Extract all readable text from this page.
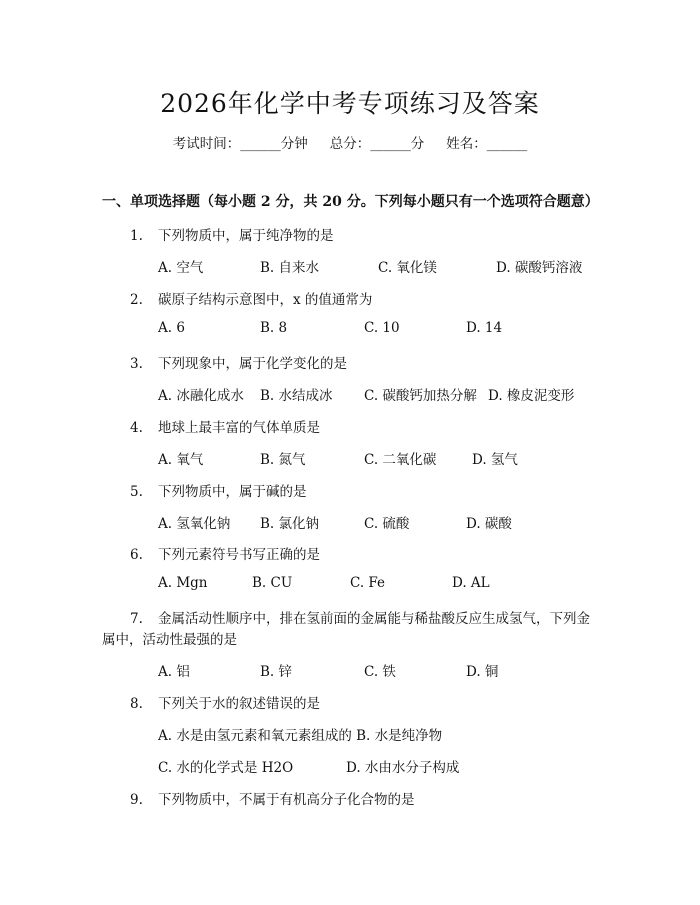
2026年化学中考专项练习及答案
考试时间：______分钟 总分：______分 姓名：______
一、单项选择题（每小题 2 分，共 20 分。下列每小题只有一个选项符合题意）
1. 下列物质中，属于纯净物的是
A. 空气	B. 自来水	C. 氧化镁	D. 碳酸钙溶液
2. 碳原子结构示意图中，x 的值通常为
A. 6	B. 8	C. 10	D. 14
3. 下列现象中，属于化学变化的是
A. 冰融化成水 B. 水结成冰 C. 碳酸钙加热分解 D. 橡皮泥变形
4. 地球上最丰富的气体单质是
A. 氧气	B. 氮气	C. 二氧化碳	D. 氢气
5. 下列物质中，属于碱的是
A. 氢氧化钠 B. 氯化钠	C. 硫酸	D. 碳酸
6. 下列元素符号书写正确的是
A. Mgn	B. CU	C. Fe	D. AL
7. 金属活动性顺序中，排在氢前面的金属能与稀盐酸反应生成氢气，下列金
属中，活动性最强的是
A. 铝	B. 锌	C. 铁	D. 铜
8. 下列关于水的叙述错误的是
A. 水是由氢元素和氧元素组成的 B. 水是纯净物
C. 水的化学式是 H2O	D. 水由水分子构成
9. 下列物质中，不属于有机高分子化合物的是
